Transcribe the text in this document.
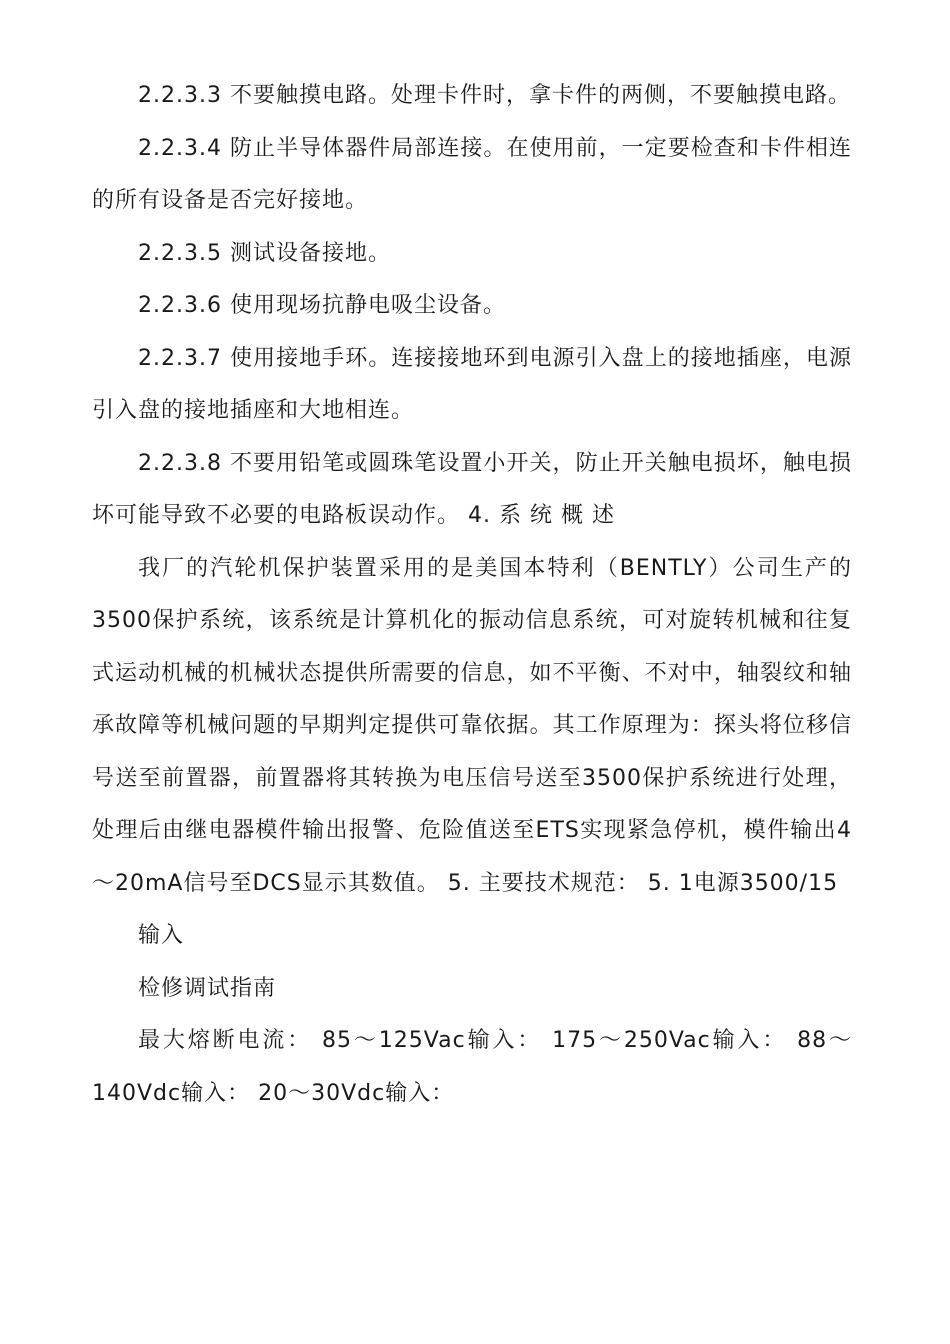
2.2.3.3 不要触摸电路。处理卡件时，拿卡件的两侧，不要触摸电路。

2.2.3.4 防止半导体器件局部连接。在使用前，一定要检查和卡件相连的所有设备是否完好接地。

2.2.3.5 测试设备接地。

2.2.3.6 使用现场抗静电吸尘设备。

2.2.3.7 使用接地手环。连接接地环到电源引入盘上的接地插座，电源引入盘的接地插座和大地相连。

2.2.3.8 不要用铅笔或圆珠笔设置小开关，防止开关触电损坏，触电损坏可能导致不必要的电路板误动作。 4. 系 统 概 述

我厂的汽轮机保护装置采用的是美国本特利（BENTLY）公司生产的3500保护系统，该系统是计算机化的振动信息系统，可对旋转机械和往复式运动机械的机械状态提供所需要的信息，如不平衡、不对中，轴裂纹和轴承故障等机械问题的早期判定提供可靠依据。其工作原理为：探头将位移信号送至前置器，前置器将其转换为电压信号送至3500保护系统进行处理，处理后由继电器模件输出报警、危险值送至ETS实现紧急停机，模件输出4～20mA信号至DCS显示其数值。 5. 主要技术规范： 5. 1电源3500/15

输入

检修调试指南

最大熔断电流： 85～125Vac输入： 175～250Vac输入： 88～140Vdc输入： 20～30Vdc输入：
